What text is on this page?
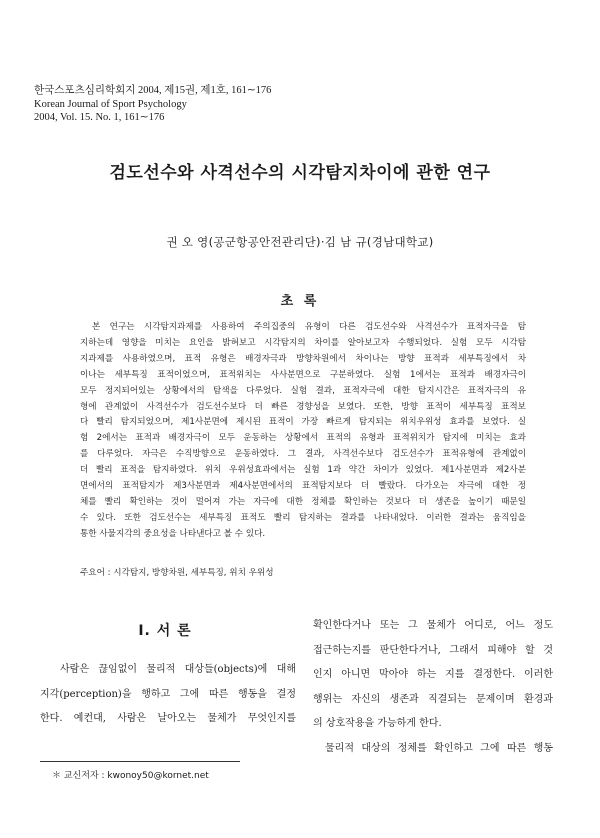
한국스포츠심리학회지 2004, 제15권, 제1호, 161∼176
Korean Journal of Sport Psychology
2004, Vol. 15. No. 1, 161∼176
검도선수와 사격선수의 시각탐지차이에 관한 연구
권 오 영(공군항공안전관리단)·김 남 규(경남대학교)
초 록
본 연구는 시각탐지과제를 사용하여 주의집중의 유형이 다른 검도선수와 사격선수가 표적자극을 탐
지하는데 영향을 미치는 요인을 밝혀보고 시각탐지의 차이를 알아보고자 수행되었다. 실험 모두 시각탐
지과제를 사용하였으며, 표적 유형은 배경자극과 방향차원에서 차이나는 방향 표적과 세부특징에서 차
이나는 세부특징 표적이었으며, 표적위치는 사사분면으로 구분하였다. 실험 1에서는 표적과 배경자극이
모두 정지되어있는 상황에서의 탐색을 다루었다. 실험 결과, 표적자극에 대한 탐지시간은 표적자극의 유
형에 관계없이 사격선수가 검도선수보다 더 빠른 경향성을 보였다. 또한, 방향 표적이 세부특징 표적보
다 빨리 탐지되었으며, 제1사분면에 제시된 표적이 가장 빠르게 탐지되는 위치우위성 효과를 보였다. 실
험 2에서는 표적과 배경자극이 모두 운동하는 상황에서 표적의 유형과 표적위치가 탐지에 미치는 효과
를 다루었다. 자극은 수직방향으로 운동하였다. 그 결과, 사격선수보다 검도선수가 표적유형에 관계없이
더 빨리 표적을 탐지하였다. 위치 우위성효과에서는 실험 1과 약간 차이가 있었다. 제1사분면과 제2사분
면에서의 표적탐지가 제3사분면과 제4사분면에서의 표적탐지보다 더 빨랐다. 다가오는 자극에 대한 정
체를 빨리 확인하는 것이 멀어져 가는 자극에 대한 정체를 확인하는 것보다 더 생존을 높이기 때문일
수 있다. 또한 검도선수는 세부특징 표적도 빨리 탐지하는 결과를 나타내었다. 이러한 결과는 움직임을
통한 사물지각의 중요성을 나타낸다고 볼 수 있다.
주요어 : 시각탐지, 방향차원, 세부특징, 위치 우위성
Ⅰ. 서 론
사람은 끊임없이 물리적 대상들(objects)에 대해
지각(perception)을 행하고 그에 따른 행동을 결정
한다. 예컨대, 사람은 날아오는 물체가 무엇인지를
확인한다거나 또는 그 물체가 어디로, 어느 정도
접근하는지를 판단한다거나, 그래서 피해야 할 것
인지 아니면 막아야 하는 지를 결정한다. 이러한
행위는 자신의 생존과 직결되는 문제이며 환경과
의 상호작용을 가능하게 한다.
물리적 대상의 정체를 확인하고 그에 따른 행동
＊ 교신저자 : kwonoy50@kornet.net
